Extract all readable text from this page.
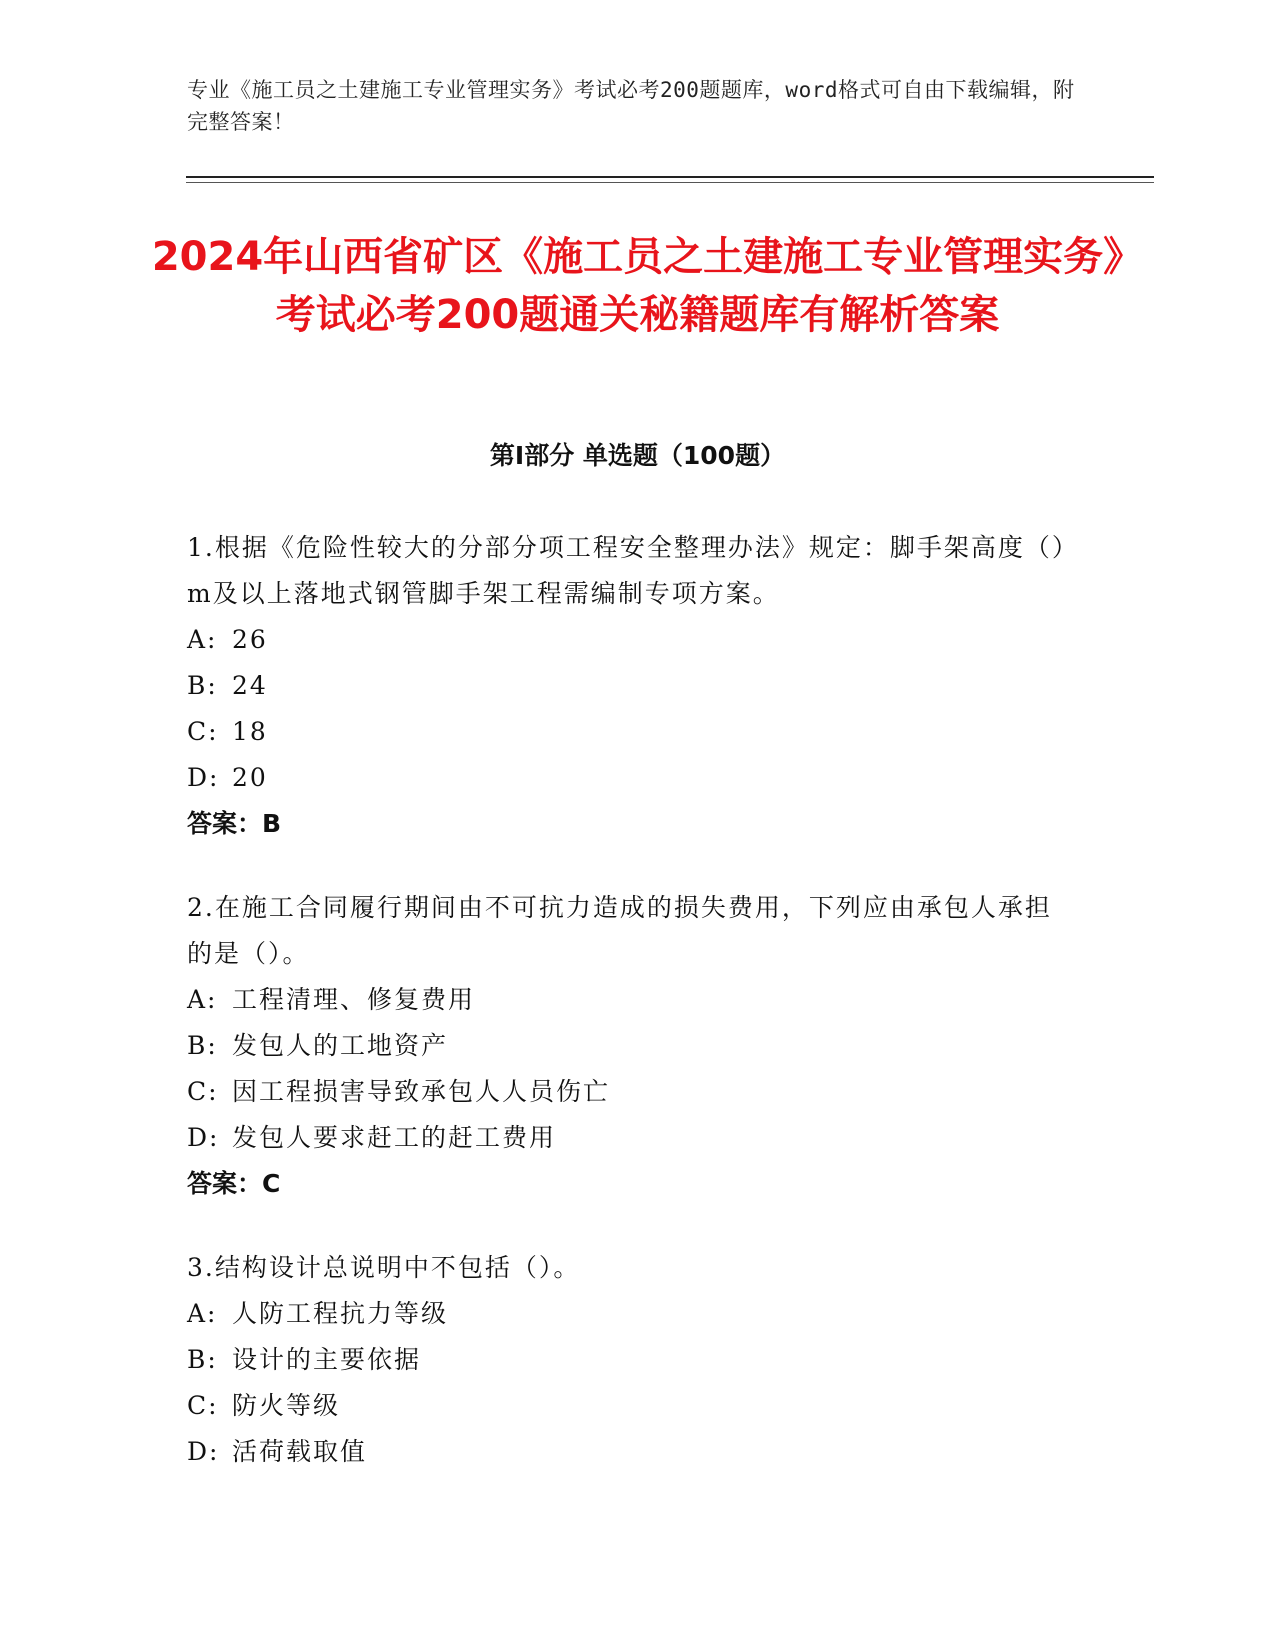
专业《施工员之土建施工专业管理实务》考试必考200题题库，word格式可自由下载编辑，附完整答案！
2024年山西省矿区《施工员之土建施工专业管理实务》考试必考200题通关秘籍题库有解析答案
第I部分 单选题（100题）

1.根据《危险性较大的分部分项工程安全整理办法》规定：脚手架高度（）m及以上落地式钢管脚手架工程需编制专项方案。

A: 26

B: 24

C: 18

D: 20

答案：B

2.在施工合同履行期间由不可抗力造成的损失费用，下列应由承包人承担的是（）。

A: 工程清理、修复费用

B: 发包人的工地资产

C: 因工程损害导致承包人人员伤亡

D: 发包人要求赶工的赶工费用

答案：C

3.结构设计总说明中不包括（）。

A: 人防工程抗力等级

B: 设计的主要依据

C: 防火等级

D: 活荷载取值
